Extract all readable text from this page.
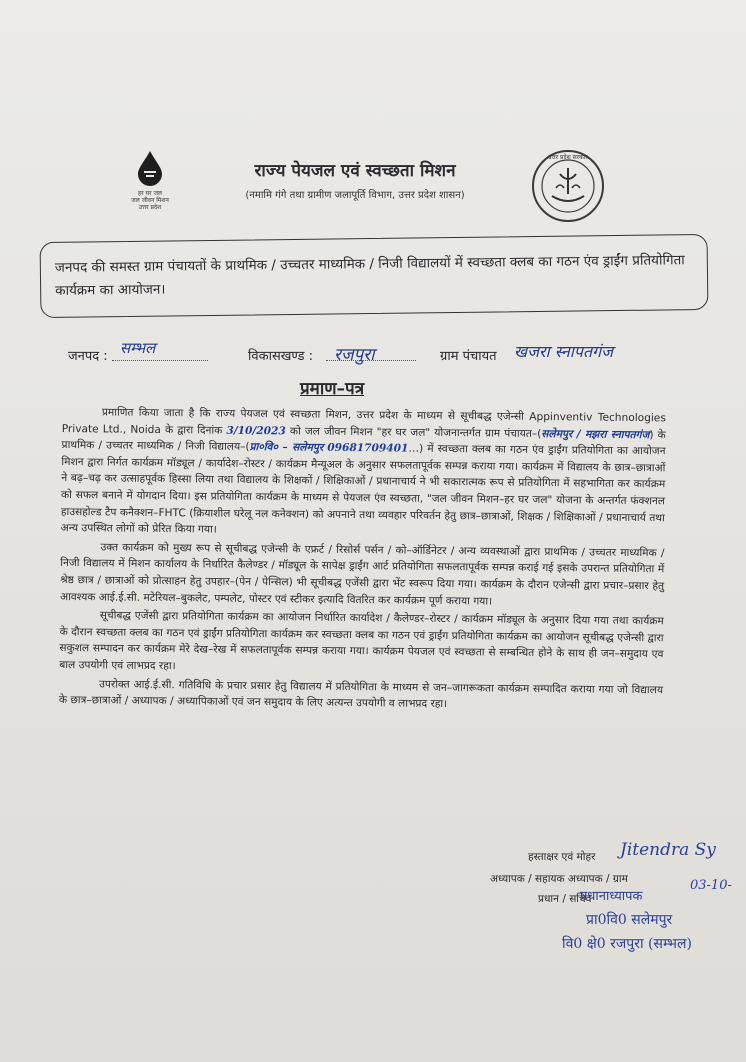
हर घर जल
जल जीवन मिशन
उत्तर प्रदेश
राज्य पेयजल एवं स्वच्छता मिशन
(नमामि गंगे तथा ग्रामीण जलापूर्ति विभाग, उत्तर प्रदेश शासन)
उत्तर प्रदेश सरकार
जनपद की समस्त ग्राम पंचायतों के प्राथमिक / उच्चतर माध्यमिक / निजी विद्यालयों में स्वच्छता क्लब का गठन एंव ड्राईंग प्रतियोगिता कार्यक्रम का आयोजन।
जनपद : सम्भल	विकासखण्ड : रजपुरा	ग्राम पंचायत खजरा स्नापतगंज
प्रमाण–पत्र

प्रमाणित किया जाता है कि राज्य पेयजल एवं स्वच्छता मिशन, उत्तर प्रदेश के माध्यम से सूचीबद्ध एजेन्सी Appinventiv Technologies Private Ltd., Noida के द्वारा दिनांक 3/10/2023 को जल जीवन मिशन "हर घर जल" योजनान्तर्गत ग्राम पंचायत–(सलेमपुर / मझरा स्नापतगंज) के प्राथमिक / उच्चतर माध्यमिक / निजी विद्यालय–(प्रा०वि० – सलेमपुर 09681709401…) में स्वच्छता क्लब का गठन एंव ड्राईंग प्रतियोगिता का आयोजन मिशन द्वारा निर्गत कार्यक्रम मॉड्यूल / कार्यादेश–रोस्टर / कार्यक्रम मैन्यूअल के अनुसार सफलतापूर्वक सम्पन्न कराया गया। कार्यक्रम में विद्यालय के छात्र–छात्राओं ने बढ़–चढ़ कर उत्साहपूर्वक हिस्सा लिया तथा विद्यालय के शिक्षकों / शिक्षिकाओं / प्रधानाचार्य ने भी सकारात्मक रूप से प्रतियोगिता में सहभागिता कर कार्यक्रम को सफल बनाने में योगदान दिया। इस प्रतियोगिता कार्यक्रम के माध्यम से पेयजल एंव स्वच्छता, "जल जीवन मिशन–हर घर जल" योजना के अन्तर्गत फंक्शनल हाउसहोल्ड टैप कनैक्शन–FHTC (क्रियाशील घरेलू नल कनेक्शन) को अपनाने तथा व्यवहार परिवर्तन हेतु छात्र–छात्राओं, शिक्षक / शिक्षिकाओं / प्रधानाचार्य तथा अन्य उपस्थित लोगों को प्रेरित किया गया।

उक्त कार्यक्रम को मुख्य रूप से सूचीबद्ध एजेन्सी के एफ्रर्ट / रिसोर्स पर्सन / को–ऑर्डिनेटर / अन्य व्यवस्थाओं द्वारा प्राथमिक / उच्चतर माध्यमिक / निजी विद्यालय में मिशन कार्यालय के निर्धारित कैलेण्डर / मॉड्यूल के सापेक्ष ड्राईंग आर्ट प्रतियोगिता सफलतापूर्वक सम्पन्न कराई गई इसके उपरान्त प्रतियोगिता में श्रेष्ठ छात्र / छात्राओं को प्रोत्साहन हेतु उपहार–(पेन / पेन्सिल) भी सूचीबद्ध एजेंसी द्वारा भेंट स्वरूप दिया गया। कार्यक्रम के दौरान एजेन्सी द्वारा प्रचार–प्रसार हेतु आवश्यक आई.ई.सी. मटेरियल–बुकलेट, पम्पलेट, पोस्टर एवं स्टीकर इत्यादि वितरित कर कार्यक्रम पूर्ण कराया गया।

सूचीबद्ध एजेंसी द्वारा प्रतियोगिता कार्यक्रम का आयोजन निर्धारित कार्यादेश / कैलेण्डर–रोस्टर / कार्यक्रम मॉड्यूल के अनुसार दिया गया तथा कार्यक्रम के दौरान स्वच्छता क्लब का गठन एवं ड्राईंग प्रतियोगिता कार्यक्रम कर स्वच्छता क्लब का गठन एवं ड्राईंग प्रतियोगिता कार्यक्रम का आयोजन सूचीबद्ध एजेन्सी द्वारा सकुशल सम्पादन कर कार्यक्रम मेरे देख–रेख में सफलतापूर्वक सम्पन्न कराया गया। कार्यक्रम पेयजल एवं स्वच्छता से सम्बन्धित होने के साथ ही जन–समुदाय एव बाल उपयोगी एवं लाभप्रद रहा।

उपरोक्त आई.ई.सी. गतिविधि के प्रचार प्रसार हेतु विद्यालय में प्रतियोगिता के माध्यम से जन–जागरूकता कार्यक्रम सम्पादित कराया गया जो विद्यालय के छात्र–छात्राओं / अध्यापक / अध्यापिकाओं एवं जन समुदाय के लिए अत्यन्त उपयोगी व लाभप्रद रहा।

हस्ताक्षर एवं मोहर Jitendra Sy
अध्यापक / सहायक अध्यापक / ग्राम
प्रधान / सचिव
प्रधानाध्यापक
03-10-
प्रा0वि0 सलेमपुर
वि0 क्षे0 रजपुरा (सम्भल)
